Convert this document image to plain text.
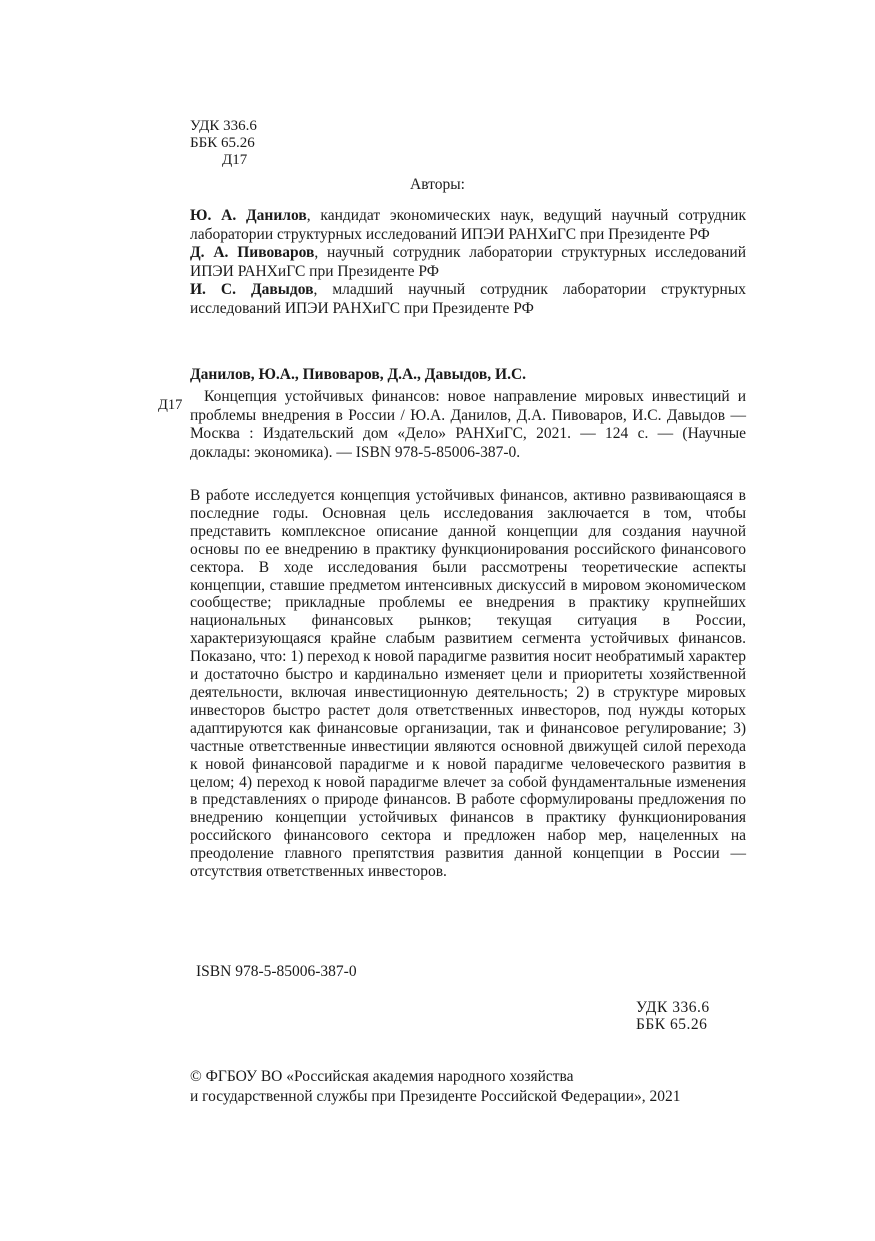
УДК 336.6
ББК 65.26
Д17
Авторы:

Ю. А. Данилов, кандидат экономических наук, ведущий научный сотрудник лаборатории структурных исследований ИПЭИ РАНХиГС при Президенте РФ

Д. А. Пивоваров, научный сотрудник лаборатории структурных исследований ИПЭИ РАНХиГС при Президенте РФ

И. С. Давыдов, младший научный сотрудник лаборатории структурных исследований ИПЭИ РАНХиГС при Президенте РФ

Данилов, Ю.А., Пивоваров, Д.А., Давыдов, И.С.
Д17	Концепция устойчивых финансов: новое направление мировых инвестиций и проблемы внедрения в России / Ю.А. Данилов, Д.А. Пивоваров, И.С. Давыдов — Москва : Издательский дом «Дело» РАНХиГС, 2021. — 124 с. — (Научные доклады: экономика). — ISBN 978-5-85006-387-0.
В работе исследуется концепция устойчивых финансов, активно развивающаяся в последние годы. Основная цель исследования заключается в том, чтобы представить комплексное описание данной концепции для создания научной основы по ее внедрению в практику функционирования российского финансового сектора. В ходе исследования были рассмотрены теоретические аспекты концепции, ставшие предметом интенсивных дискуссий в мировом экономическом сообществе; прикладные проблемы ее внедрения в практику крупнейших национальных финансовых рынков; текущая ситуация в России, характеризующаяся крайне слабым развитием сегмента устойчивых финансов. Показано, что: 1) переход к новой парадигме развития носит необратимый характер и достаточно быстро и кардинально изменяет цели и приоритеты хозяйственной деятельности, включая инвестиционную деятельность; 2) в структуре мировых инвесторов быстро растет доля ответственных инвесторов, под нужды которых адаптируются как финансовые организации, так и финансовое регулирование; 3) частные ответственные инвестиции являются основной движущей силой перехода к новой финансовой парадигме и к новой парадигме человеческого развития в целом; 4) переход к новой парадигме влечет за собой фундаментальные изменения в представлениях о природе финансов. В работе сформулированы предложения по внедрению концепции устойчивых финансов в практику функционирования российского финансового сектора и предложен набор мер, нацеленных на преодоление главного препятствия развития данной концепции в России — отсутствия ответственных инвесторов.
ISBN 978-5-85006-387-0
УДК 336.6
ББК 65.26
© ФГБОУ ВО «Российская академия народного хозяйства
и государственной службы при Президенте Российской Федерации», 2021
